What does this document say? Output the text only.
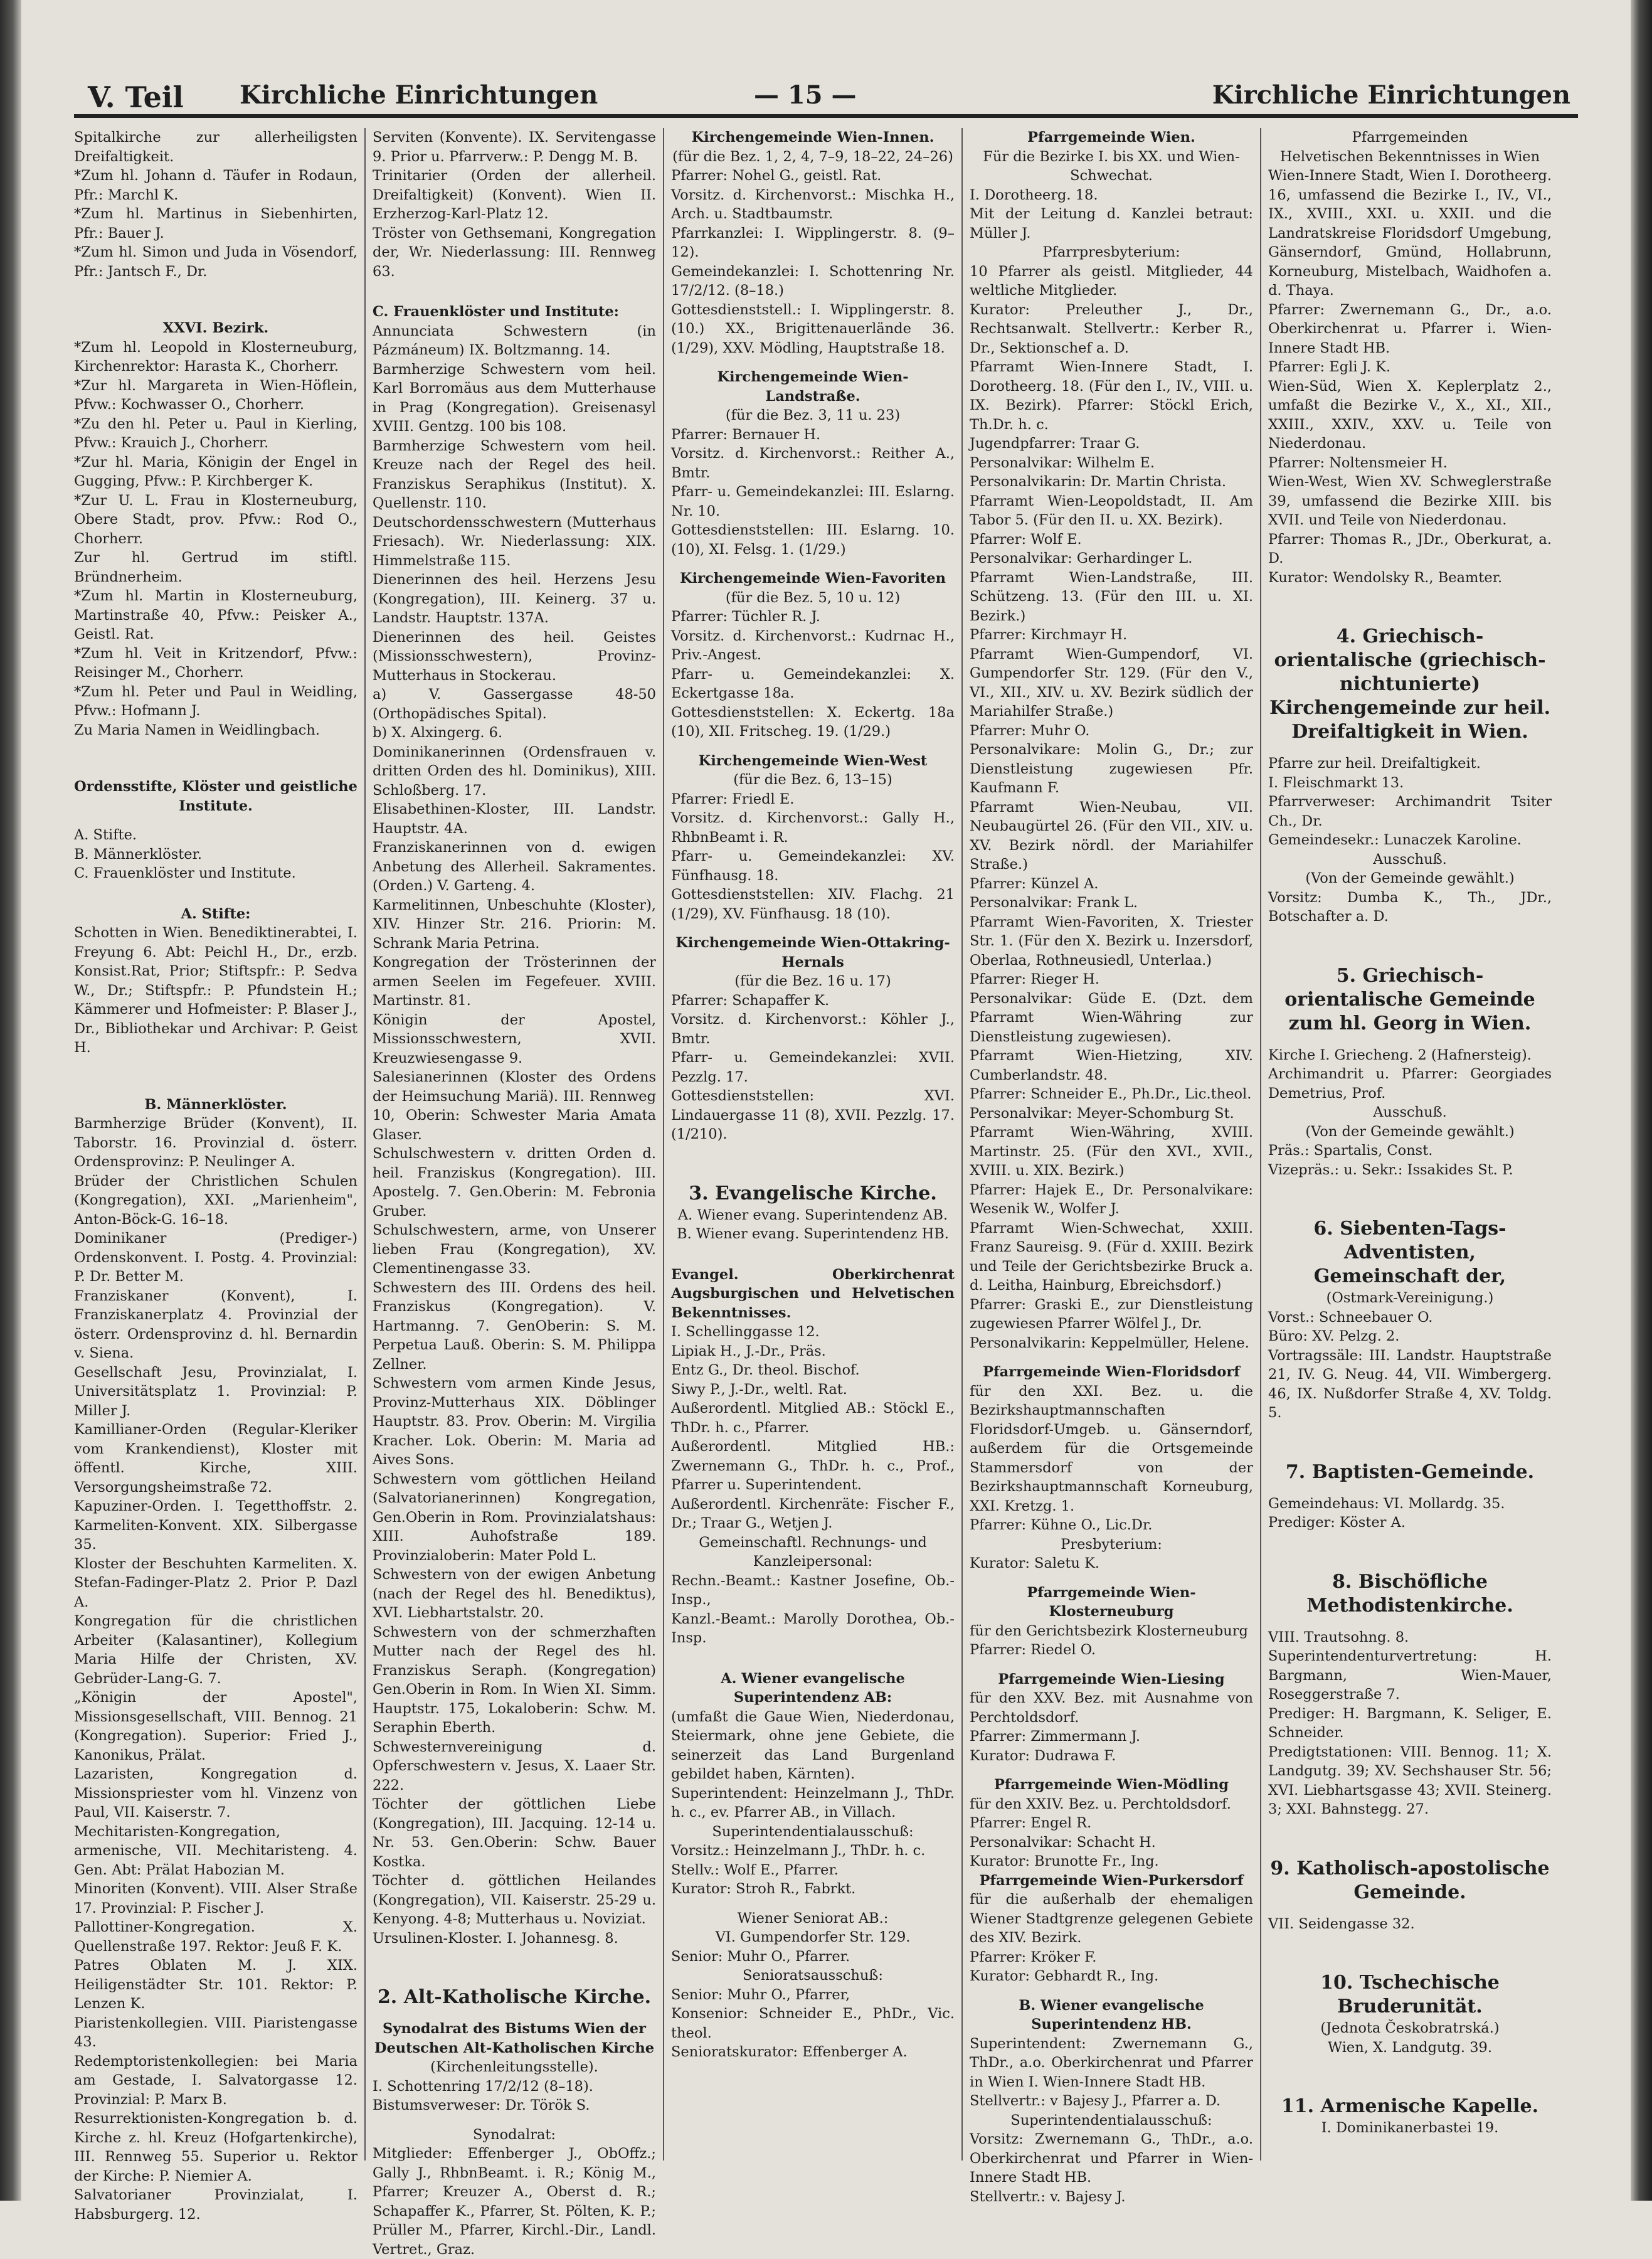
V. Teil Kirchliche Einrichtungen	— 15 —	Kirchliche Einrichtungen
Spitalkirche zur allerheiligsten Dreifaltigkeit.
*Zum hl. Johann d. Täufer in Rodaun, Pfr.: Marchl K.
*Zum hl. Martinus in Siebenhirten, Pfr.: Bauer J.
*Zum hl. Simon und Juda in Vösendorf, Pfr.: Jantsch F., Dr.
XXVI. Bezirk.
*Zum hl. Leopold in Klosterneuburg, Kirchenrektor: Harasta K., Chorherr.
*Zur hl. Margareta in Wien-Höflein, Pfvw.: Kochwasser O., Chorherr.
*Zu den hl. Peter u. Paul in Kierling, Pfvw.: Krauich J., Chorherr.
*Zur hl. Maria, Königin der Engel in Gugging, Pfvw.: P. Kirchberger K.
*Zur U. L. Frau in Klosterneuburg, Obere Stadt, prov. Pfvw.: Rod O., Chorherr.
Zur hl. Gertrud im stiftl. Bründnerheim.
*Zum hl. Martin in Klosterneuburg, Martinstraße 40, Pfvw.: Peisker A., Geistl. Rat.
*Zum hl. Veit in Kritzendorf, Pfvw.: Reisinger M., Chorherr.
*Zum hl. Peter und Paul in Weidling, Pfvw.: Hofmann J.
Zu Maria Namen in Weidlingbach.
Ordensstifte, Klöster und geistliche Institute.
A. Stifte.
B. Männerklöster.
C. Frauenklöster und Institute.
A. Stifte:
Schotten in Wien. Benediktinerabtei, I. Freyung 6. Abt: Peichl H., Dr., erzb. Konsist.Rat, Prior; Stiftspfr.: P. Sedva W., Dr.; Stiftspfr.: P. Pfundstein H.; Kämmerer und Hofmeister: P. Blaser J., Dr., Bibliothekar und Archivar: P. Geist H.
B. Männerklöster.
Barmherzige Brüder (Konvent), II. Taborstr. 16. Provinzial d. österr. Ordensprovinz: P. Neulinger A.
Brüder der Christlichen Schulen (Kongregation), XXI. „Marienheim", Anton-Böck-G. 16–18.
Dominikaner (Prediger-) Ordenskonvent. I. Postg. 4. Provinzial: P. Dr. Better M.
Franziskaner (Konvent), I. Franziskanerplatz 4. Provinzial der österr. Ordensprovinz d. hl. Bernardin v. Siena.
Gesellschaft Jesu, Provinzialat, I. Universitätsplatz 1. Provinzial: P. Miller J.
Kamillianer-Orden (Regular-Kleriker vom Krankendienst), Kloster mit öffentl. Kirche, XIII. Versorgungsheimstraße 72.
Kapuziner-Orden. I. Tegetthoffstr. 2. Karmeliten-Konvent. XIX. Silbergasse 35.
Kloster der Beschuhten Karmeliten. X. Stefan-Fadinger-Platz 2. Prior P. Dazl A.
Kongregation für die christlichen Arbeiter (Kalasantiner), Kollegium Maria Hilfe der Christen, XV. Gebrüder-Lang-G. 7.
„Königin der Apostel", Missionsgesellschaft, VIII. Bennog. 21 (Kongregation). Superior: Fried J., Kanonikus, Prälat.
Lazaristen, Kongregation d. Missionspriester vom hl. Vinzenz von Paul, VII. Kaiserstr. 7.
Mechitaristen-Kongregation, armenische, VII. Mechitaristeng. 4. Gen. Abt: Prälat Habozian M.
Minoriten (Konvent). VIII. Alser Straße 17. Provinzial: P. Fischer J.
Pallottiner-Kongregation. X. Quellenstraße 197. Rektor: Jeuß F. K.
Patres Oblaten M. J. XIX. Heiligenstädter Str. 101. Rektor: P. Lenzen K.
Piaristenkollegien. VIII. Piaristengasse 43.
Redemptoristenkollegien: bei Maria am Gestade, I. Salvatorgasse 12. Provinzial: P. Marx B.
Resurrektionisten-Kongregation b. d. Kirche z. hl. Kreuz (Hofgartenkirche), III. Rennweg 55. Superior u. Rektor der Kirche: P. Niemier A.
Salvatorianer Provinzialat, I. Habsburgerg. 12.
Serviten (Konvente). IX. Servitengasse 9. Prior u. Pfarrverw.: P. Dengg M. B.
Trinitarier (Orden der allerheil. Dreifaltigkeit) (Konvent). Wien II. Erzherzog-Karl-Platz 12.
Tröster von Gethsemani, Kongregation der, Wr. Niederlassung: III. Rennweg 63.
C. Frauenklöster und Institute:
Annunciata Schwestern (in Pázmáneum) IX. Boltzmanng. 14.
Barmherzige Schwestern vom heil. Karl Borromäus aus dem Mutterhause in Prag (Kongregation). Greisenasyl XVIII. Gentzg. 100 bis 108.
Barmherzige Schwestern vom heil. Kreuze nach der Regel des heil. Franziskus Seraphikus (Institut). X. Quellenstr. 110.
Deutschordensschwestern (Mutterhaus Friesach). Wr. Niederlassung: XIX. Himmelstraße 115.
Dienerinnen des heil. Herzens Jesu (Kongregation), III. Keinerg. 37 u. Landstr. Hauptstr. 137A.
Dienerinnen des heil. Geistes (Missionsschwestern), Provinz-Mutterhaus in Stockerau.
a) V. Gassergasse 48-50 (Orthopädisches Spital).
b) X. Alxingerg. 6.
Dominikanerinnen (Ordensfrauen v. dritten Orden des hl. Dominikus), XIII. Schloßberg. 17.
Elisabethinen-Kloster, III. Landstr. Hauptstr. 4A.
Franziskanerinnen von d. ewigen Anbetung des Allerheil. Sakramentes. (Orden.) V. Garteng. 4.
Karmelitinnen, Unbeschuhte (Kloster), XIV. Hinzer Str. 216. Priorin: M. Schrank Maria Petrina.
Kongregation der Trösterinnen der armen Seelen im Fegefeuer. XVIII. Martinstr. 81.
Königin der Apostel, Missionsschwestern, XVII. Kreuzwiesengasse 9.
Salesianerinnen (Kloster des Ordens der Heimsuchung Mariä). III. Rennweg 10, Oberin: Schwester Maria Amata Glaser.
Schulschwestern v. dritten Orden d. heil. Franziskus (Kongregation). III. Apostelg. 7. Gen.Oberin: M. Febronia Gruber.
Schulschwestern, arme, von Unserer lieben Frau (Kongregation), XV. Clementinengasse 33.
Schwestern des III. Ordens des heil. Franziskus (Kongregation). V. Hartmanng. 7. GenOberin: S. M. Perpetua Lauß. Oberin: S. M. Philippa Zellner.
Schwestern vom armen Kinde Jesus, Provinz-Mutterhaus XIX. Döblinger Hauptstr. 83. Prov. Oberin: M. Virgilia Kracher. Lok. Oberin: M. Maria ad Aives Sons.
Schwestern vom göttlichen Heiland (Salvatorianerinnen) Kongregation, Gen.Oberin in Rom. Provinzialatshaus: XIII. Auhofstraße 189. Provinzialoberin: Mater Pold L.
Schwestern von der ewigen Anbetung (nach der Regel des hl. Benediktus), XVI. Liebhartstalstr. 20.
Schwestern von der schmerzhaften Mutter nach der Regel des hl. Franziskus Seraph. (Kongregation) Gen.Oberin in Rom. In Wien XI. Simm. Hauptstr. 175, Lokaloberin: Schw. M. Seraphin Eberth.
Schwesternvereinigung d. Opferschwestern v. Jesus, X. Laaer Str. 222.
Töchter der göttlichen Liebe (Kongregation), III. Jacquing. 12-14 u. Nr. 53. Gen.Oberin: Schw. Bauer Kostka.
Töchter d. göttlichen Heilandes (Kongregation), VII. Kaiserstr. 25-29 u. Kenyong. 4-8; Mutterhaus u. Noviziat.
Ursulinen-Kloster. I. Johannesg. 8.
2. Alt-Katholische Kirche.
Synodalrat des Bistums Wien der Deutschen Alt-Katholischen Kirche
(Kirchenleitungsstelle).
I. Schottenring 17/2/12 (8–18).
Bistumsverweser: Dr. Török S.
Synodalrat:
Mitglieder: Effenberger J., ObOffz.; Gally J., RhbnBeamt. i. R.; König M., Pfarrer; Kreuzer A., Oberst d. R.; Schapaffer K., Pfarrer, St. Pölten, K. P.; Prüller M., Pfarrer, Kirchl.-Dir., Landl. Vertret., Graz.
Kirchengemeinde Wien-Innen.
(für die Bez. 1, 2, 4, 7–9, 18–22, 24–26)
Pfarrer: Nohel G., geistl. Rat.
Vorsitz. d. Kirchenvorst.: Mischka H., Arch. u. Stadtbaumstr.
Pfarrkanzlei: I. Wipplingerstr. 8. (9–12).
Gemeindekanzlei: I. Schottenring Nr. 17/2/12. (8–18.)
Gottesdienststell.: I. Wipplingerstr. 8. (10.) XX., Brigittenauerlände 36. (1/29), XXV. Mödling, Hauptstraße 18.
Kirchengemeinde Wien-Landstraße.
(für die Bez. 3, 11 u. 23)
Pfarrer: Bernauer H.
Vorsitz. d. Kirchenvorst.: Reither A., Bmtr.
Pfarr- u. Gemeindekanzlei: III. Eslarng. Nr. 10.
Gottesdienststellen: III. Eslarng. 10. (10), XI. Felsg. 1. (1/29.)
Kirchengemeinde Wien-Favoriten
(für die Bez. 5, 10 u. 12)
Pfarrer: Tüchler R. J.
Vorsitz. d. Kirchenvorst.: Kudrnac H., Priv.-Angest.
Pfarr- u. Gemeindekanzlei: X. Eckertgasse 18a.
Gottesdienststellen: X. Eckertg. 18a (10), XII. Fritscheg. 19. (1/29.)
Kirchengemeinde Wien-West
(für die Bez. 6, 13–15)
Pfarrer: Friedl E.
Vorsitz. d. Kirchenvorst.: Gally H., RhbnBeamt i. R.
Pfarr- u. Gemeindekanzlei: XV. Fünfhausg. 18.
Gottesdienststellen: XIV. Flachg. 21 (1/29), XV. Fünfhausg. 18 (10).
Kirchengemeinde Wien-Ottakring-Hernals
(für die Bez. 16 u. 17)
Pfarrer: Schapaffer K.
Vorsitz. d. Kirchenvorst.: Köhler J., Bmtr.
Pfarr- u. Gemeindekanzlei: XVII. Pezzlg. 17.
Gottesdienststellen: XVI. Lindauergasse 11 (8), XVII. Pezzlg. 17. (1/210).
3. Evangelische Kirche.
A. Wiener evang. Superintendenz AB.
B. Wiener evang. Superintendenz HB.
Evangel. Oberkirchenrat Augsburgischen und Helvetischen Bekenntnisses.
I. Schellinggasse 12.
Lipiak H., J.-Dr., Präs.
Entz G., Dr. theol. Bischof.
Siwy P., J.-Dr., weltl. Rat.
Außerordentl. Mitglied AB.: Stöckl E., ThDr. h. c., Pfarrer.
Außerordentl. Mitglied HB.: Zwernemann G., ThDr. h. c., Prof., Pfarrer u. Superintendent.
Außerordentl. Kirchenräte: Fischer F., Dr.; Traar G., Wetjen J.
Gemeinschaftl. Rechnungs- und Kanzleipersonal:
Rechn.-Beamt.: Kastner Josefine, Ob.-Insp.,
Kanzl.-Beamt.: Marolly Dorothea, Ob.-Insp.
A. Wiener evangelische Superintendenz AB:
(umfaßt die Gaue Wien, Niederdonau, Steiermark, ohne jene Gebiete, die seinerzeit das Land Burgenland gebildet haben, Kärnten).
Superintendent: Heinzelmann J., ThDr. h. c., ev. Pfarrer AB., in Villach.
Superintendentialausschuß:
Vorsitz.: Heinzelmann J., ThDr. h. c.
Stellv.: Wolf E., Pfarrer.
Kurator: Stroh R., Fabrkt.
Wiener Seniorat AB.:
VI. Gumpendorfer Str. 129.
Senior: Muhr O., Pfarrer.
Senioratsausschuß:
Senior: Muhr O., Pfarrer,
Konsenior: Schneider E., PhDr., Vic. theol.
Senioratskurator: Effenberger A.
Pfarrgemeinde Wien.
Für die Bezirke I. bis XX. und Wien-Schwechat.
I. Dorotheerg. 18.
Mit der Leitung d. Kanzlei betraut: Müller J.
Pfarrpresbyterium:
10 Pfarrer als geistl. Mitglieder, 44 weltliche Mitglieder.
Kurator: Preleuther J., Dr., Rechtsanwalt. Stellvertr.: Kerber R., Dr., Sektionschef a. D.
Pfarramt Wien-Innere Stadt, I. Dorotheerg. 18. (Für den I., IV., VIII. u. IX. Bezirk). Pfarrer: Stöckl Erich, Th.Dr. h. c.
Jugendpfarrer: Traar G.
Personalvikar: Wilhelm E.
Personalvikarin: Dr. Martin Christa.
Pfarramt Wien-Leopoldstadt, II. Am Tabor 5. (Für den II. u. XX. Bezirk).
Pfarrer: Wolf E.
Personalvikar: Gerhardinger L.
Pfarramt Wien-Landstraße, III. Schützeng. 13. (Für den III. u. XI. Bezirk.)
Pfarrer: Kirchmayr H.
Pfarramt Wien-Gumpendorf, VI. Gumpendorfer Str. 129. (Für den V., VI., XII., XIV. u. XV. Bezirk südlich der Mariahilfer Straße.)
Pfarrer: Muhr O.
Personalvikare: Molin G., Dr.; zur Dienstleistung zugewiesen Pfr. Kaufmann F.
Pfarramt Wien-Neubau, VII. Neubaugürtel 26. (Für den VII., XIV. u. XV. Bezirk nördl. der Mariahilfer Straße.)
Pfarrer: Künzel A.
Personalvikar: Frank L.
Pfarramt Wien-Favoriten, X. Triester Str. 1. (Für den X. Bezirk u. Inzersdorf, Oberlaa, Rothneusiedl, Unterlaa.)
Pfarrer: Rieger H.
Personalvikar: Güde E. (Dzt. dem Pfarramt Wien-Währing zur Dienstleistung zugewiesen).
Pfarramt Wien-Hietzing, XIV. Cumberlandstr. 48.
Pfarrer: Schneider E., Ph.Dr., Lic.theol.
Personalvikar: Meyer-Schomburg St.
Pfarramt Wien-Währing, XVIII. Martinstr. 25. (Für den XVI., XVII., XVIII. u. XIX. Bezirk.)
Pfarrer: Hajek E., Dr. Personalvikare: Wesenik W., Wolfer J.
Pfarramt Wien-Schwechat, XXIII. Franz Saureisg. 9. (Für d. XXIII. Bezirk und Teile der Gerichtsbezirke Bruck a. d. Leitha, Hainburg, Ebreichsdorf.)
Pfarrer: Graski E., zur Dienstleistung zugewiesen Pfarrer Wölfel J., Dr.
Personalvikarin: Keppelmüller, Helene.
Pfarrgemeinde Wien-Floridsdorf
für den XXI. Bez. u. die Bezirkshauptmannschaften Floridsdorf-Umgeb. u. Gänserndorf, außerdem für die Ortsgemeinde Stammersdorf von der Bezirkshauptmannschaft Korneuburg, XXI. Kretzg. 1.
Pfarrer: Kühne O., Lic.Dr.
Presbyterium:
Kurator: Saletu K.
Pfarrgemeinde Wien-Klosterneuburg
für den Gerichtsbezirk Klosterneuburg
Pfarrer: Riedel O.
Pfarrgemeinde Wien-Liesing
für den XXV. Bez. mit Ausnahme von Perchtoldsdorf.
Pfarrer: Zimmermann J.
Kurator: Dudrawa F.
Pfarrgemeinde Wien-Mödling
für den XXIV. Bez. u. Perchtoldsdorf.
Pfarrer: Engel R.
Personalvikar: Schacht H.
Kurator: Brunotte Fr., Ing.
Pfarrgemeinde Wien-Purkersdorf
für die außerhalb der ehemaligen Wiener Stadtgrenze gelegenen Gebiete des XIV. Bezirk.
Pfarrer: Kröker F.
Kurator: Gebhardt R., Ing.
B. Wiener evangelische Superintendenz HB.
Superintendent: Zwernemann G., ThDr., a.o. Oberkirchenrat und Pfarrer in Wien I. Wien-Innere Stadt HB.
Stellvertr.: v Bajesy J., Pfarrer a. D.
Superintendentialausschuß:
Vorsitz: Zwernemann G., ThDr., a.o. Oberkirchenrat und Pfarrer in Wien-Innere Stadt HB.
Stellvertr.: v. Bajesy J.
Pfarrgemeinden
Helvetischen Bekenntnisses in Wien
Wien-Innere Stadt, Wien I. Dorotheerg. 16, umfassend die Bezirke I., IV., VI., IX., XVIII., XXI. u. XXII. und die Landratskreise Floridsdorf Umgebung, Gänserndorf, Gmünd, Hollabrunn, Korneuburg, Mistelbach, Waidhofen a. d. Thaya.
Pfarrer: Zwernemann G., Dr., a.o. Oberkirchenrat u. Pfarrer i. Wien-Innere Stadt HB.
Pfarrer: Egli J. K.
Wien-Süd, Wien X. Keplerplatz 2., umfaßt die Bezirke V., X., XI., XII., XXIII., XXIV., XXV. u. Teile von Niederdonau.
Pfarrer: Noltensmeier H.
Wien-West, Wien XV. Schweglerstraße 39, umfassend die Bezirke XIII. bis XVII. und Teile von Niederdonau.
Pfarrer: Thomas R., JDr., Oberkurat, a. D.
Kurator: Wendolsky R., Beamter.
4. Griechisch-orientalische (griechisch-nichtunierte) Kirchengemeinde zur heil. Dreifaltigkeit in Wien.
Pfarre zur heil. Dreifaltigkeit.
I. Fleischmarkt 13.
Pfarrverweser: Archimandrit Tsiter Ch., Dr.
Gemeindesekr.: Lunaczek Karoline.
Ausschuß.
(Von der Gemeinde gewählt.)
Vorsitz: Dumba K., Th., JDr., Botschafter a. D.
5. Griechisch-orientalische Gemeinde zum hl. Georg in Wien.
Kirche I. Griecheng. 2 (Hafnersteig).
Archimandrit u. Pfarrer: Georgiades Demetrius, Prof.
Ausschuß.
(Von der Gemeinde gewählt.)
Präs.: Spartalis, Const.
Vizepräs.: u. Sekr.: Issakides St. P.
6. Siebenten-Tags-Adventisten, Gemeinschaft der,
(Ostmark-Vereinigung.)
Vorst.: Schneebauer O.
Büro: XV. Pelzg. 2.
Vortragssäle: III. Landstr. Hauptstraße 21, IV. G. Neug. 44, VII. Wimbergerg. 46, IX. Nußdorfer Straße 4, XV. Toldg. 5.
7. Baptisten-Gemeinde.
Gemeindehaus: VI. Mollardg. 35.
Prediger: Köster A.
8. Bischöfliche Methodistenkirche.
VIII. Trautsohng. 8.
Superintendenturvertretung: H. Bargmann, Wien-Mauer, Roseggerstraße 7.
Prediger: H. Bargmann, K. Seliger, E. Schneider.
Predigtstationen: VIII. Bennog. 11; X. Landgutg. 39; XV. Sechshauser Str. 56; XVI. Liebhartsgasse 43; XVII. Steinerg. 3; XXI. Bahnstegg. 27.
9. Katholisch-apostolische Gemeinde.
VII. Seidengasse 32.
10. Tschechische Bruderunität.
(Jednota Českobratrská.)
Wien, X. Landgutg. 39.
11. Armenische Kapelle.
I. Dominikanerbastei 19.
